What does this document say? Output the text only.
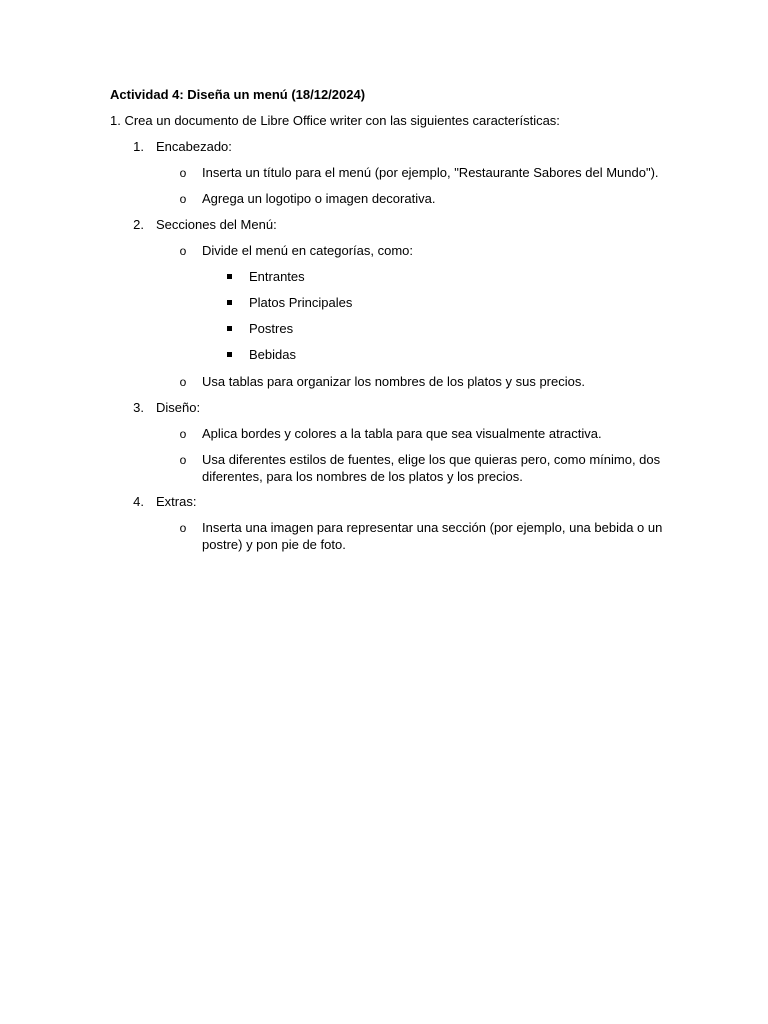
Actividad 4: Diseña un menú (18/12/2024)
1. Crea un documento de Libre Office writer con las siguientes características:
1. Encabezado:
o Inserta un título para el menú (por ejemplo, "Restaurante Sabores del Mundo").
o Agrega un logotipo o imagen decorativa.
2. Secciones del Menú:
o Divide el menú en categorías, como:
Entrantes
Platos Principales
Postres
Bebidas
o Usa tablas para organizar los nombres de los platos y sus precios.
3. Diseño:
o Aplica bordes y colores a la tabla para que sea visualmente atractiva.
o Usa diferentes estilos de fuentes, elige los que quieras pero, como mínimo, dos diferentes, para los nombres de los platos y los precios.
4. Extras:
o Inserta una imagen para representar una sección (por ejemplo, una bebida o un postre) y pon pie de foto.
